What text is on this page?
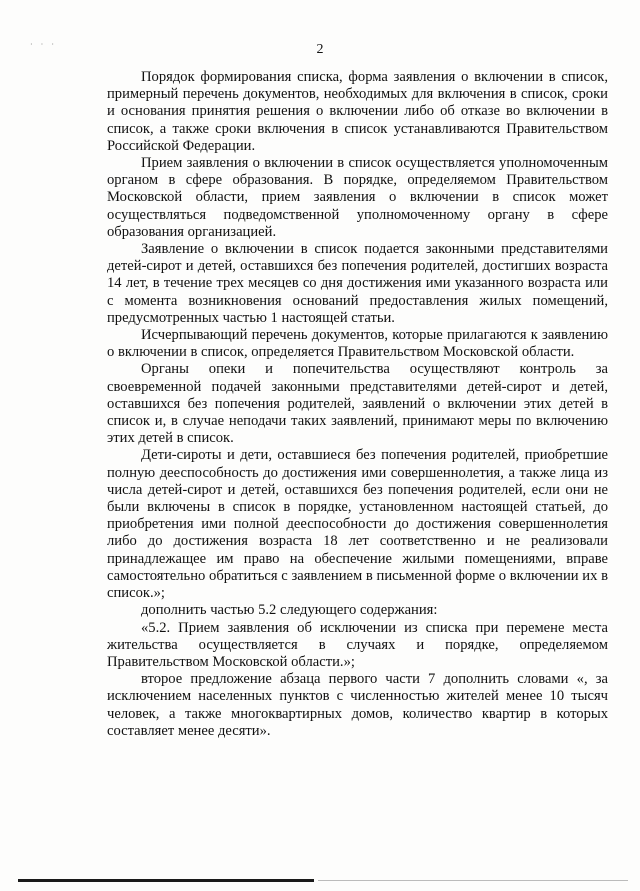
· · ·	2

Порядок формирования списка, форма заявления о включении в список, примерный перечень документов, необходимых для включения в список, сроки и основания принятия решения о включении либо об отказе во включении в список, а также сроки включения в список устанавливаются Правительством Российской Федерации.

Прием заявления о включении в список осуществляется уполномоченным органом в сфере образования. В порядке, определяемом Правительством Московской области, прием заявления о включении в список может осуществляться подведомственной уполномоченному органу в сфере образования организацией.

Заявление о включении в список подается законными представителями детей-сирот и детей, оставшихся без попечения родителей, достигших возраста 14 лет, в течение трех месяцев со дня достижения ими указанного возраста или с момента возникновения оснований предоставления жилых помещений, предусмотренных частью 1 настоящей статьи.

Исчерпывающий перечень документов, которые прилагаются к заявлению о включении в список, определяется Правительством Московской области.

Органы опеки и попечительства осуществляют контроль за своевременной подачей законными представителями детей-сирот и детей, оставшихся без попечения родителей, заявлений о включении этих детей в список и, в случае неподачи таких заявлений, принимают меры по включению этих детей в список.

Дети-сироты и дети, оставшиеся без попечения родителей, приобретшие полную дееспособность до достижения ими совершеннолетия, а также лица из числа детей-сирот и детей, оставшихся без попечения родителей, если они не были включены в список в порядке, установленном настоящей статьей, до приобретения ими полной дееспособности до достижения совершеннолетия либо до достижения возраста 18 лет соответственно и не реализовали принадлежащее им право на обеспечение жилыми помещениями, вправе самостоятельно обратиться с заявлением в письменной форме о включении их в список.»;

дополнить частью 5.2 следующего содержания:

«5.2. Прием заявления об исключении из списка при перемене места жительства осуществляется в случаях и порядке, определяемом Правительством Московской области.»;

второе предложение абзаца первого части 7 дополнить словами «, за исключением населенных пунктов с численностью жителей менее 10 тысяч человек, а также многоквартирных домов, количество квартир в которых составляет менее десяти».
